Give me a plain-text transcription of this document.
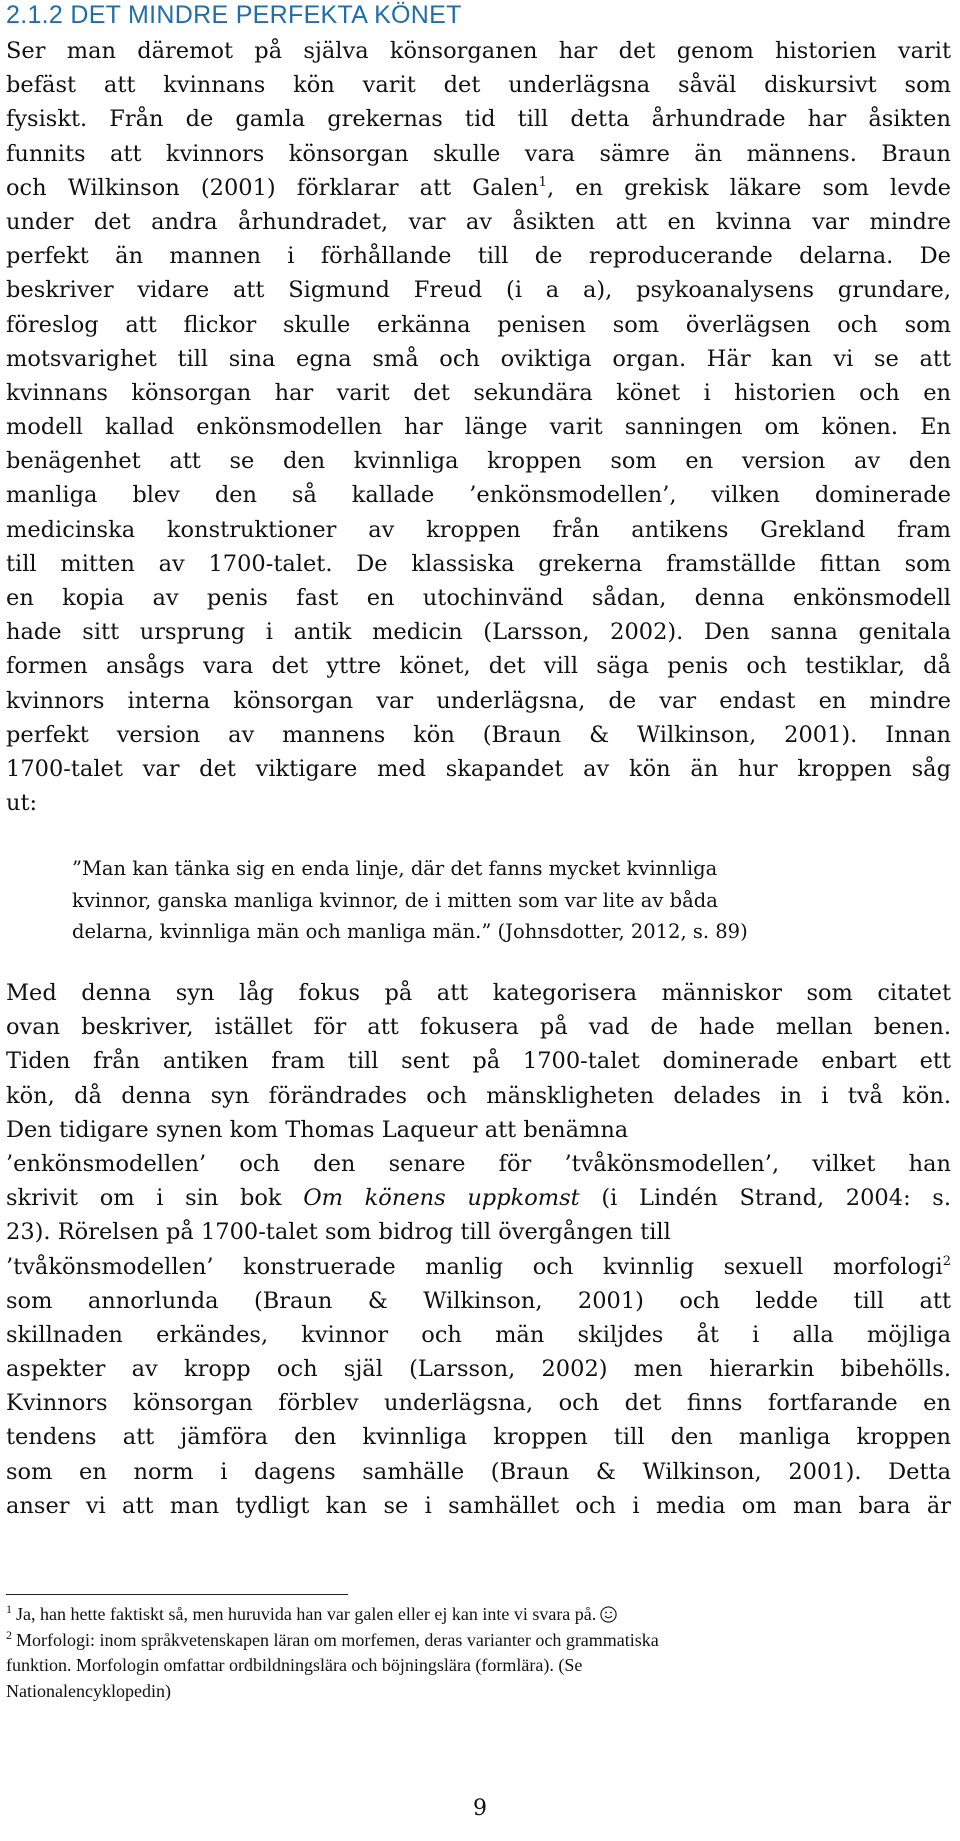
2.1.2 DET MINDRE PERFEKTA KÖNET
Ser man däremot på själva könsorganen har det genom historien varit
befäst att kvinnans kön varit det underlägsna såväl diskursivt som
fysiskt. Från de gamla grekernas tid till detta århundrade har åsikten
funnits att kvinnors könsorgan skulle vara sämre än männens. Braun
och Wilkinson (2001) förklarar att Galen$^1$, en grekisk läkare som levde
under det andra århundradet, var av åsikten att en kvinna var mindre
perfekt än mannen i förhållande till de reproducerande delarna. De
beskriver vidare att Sigmund Freud (i a a), psykoanalysens grundare,
föreslog att flickor skulle erkänna penisen som överlägsen och som
motsvarighet till sina egna små och oviktiga organ. Här kan vi se att
kvinnans könsorgan har varit det sekundära könet i historien och en
modell kallad enkönsmodellen har länge varit sanningen om könen. En
benägenhet att se den kvinnliga kroppen som en version av den
manliga blev den så kallade ’enkönsmodellen’, vilken dominerade
medicinska konstruktioner av kroppen från antikens Grekland fram
till mitten av 1700-talet. De klassiska grekerna framställde fittan som
en kopia av penis fast en utochinvänd sådan, denna enkönsmodell
hade sitt ursprung i antik medicin (Larsson, 2002). Den sanna genitala
formen ansågs vara det yttre könet, det vill säga penis och testiklar, då
kvinnors interna könsorgan var underlägsna, de var endast en mindre
perfekt version av mannens kön (Braun & Wilkinson, 2001). Innan
1700-talet var det viktigare med skapandet av kön än hur kroppen såg
ut:
”Man kan tänka sig en enda linje, där det fanns mycket kvinnliga
kvinnor, ganska manliga kvinnor, de i mitten som var lite av båda
delarna, kvinnliga män och manliga män.” (Johnsdotter, 2012, s. 89)
Med denna syn låg fokus på att kategorisera människor som citatet
ovan beskriver, istället för att fokusera på vad de hade mellan benen.
Tiden från antiken fram till sent på 1700-talet dominerade enbart ett
kön, då denna syn förändrades och mänskligheten delades in i två kön.
Den tidigare synen kom Thomas Laqueur att benämna
’enkönsmodellen’ och den senare för ’tvåkönsmodellen’, vilket han
skrivit om i sin bok Om könens uppkomst (i Lindén Strand, 2004: s.
23). Rörelsen på 1700-talet som bidrog till övergången till
’tvåkönsmodellen’ konstruerade manlig och kvinnlig sexuell morfologi$^2$
som annorlunda (Braun & Wilkinson, 2001) och ledde till att
skillnaden erkändes, kvinnor och män skiljdes åt i alla möjliga
aspekter av kropp och själ (Larsson, 2002) men hierarkin bibehölls.
Kvinnors könsorgan förblev underlägsna, och det finns fortfarande en
tendens att jämföra den kvinnliga kroppen till den manliga kroppen
som en norm i dagens samhälle (Braun & Wilkinson, 2001). Detta
anser vi att man tydligt kan se i samhället och i media om man bara är
$^1$ Ja, han hette faktiskt så, men huruvida han var galen eller ej kan inte vi svara på.
$^2$ Morfologi: inom språkvetenskapen läran om morfemen, deras varianter och grammatiska
funktion. Morfologin omfattar ordbildningslära och böjningslära (formlära). (Se
Nationalencyklopedin)
9
